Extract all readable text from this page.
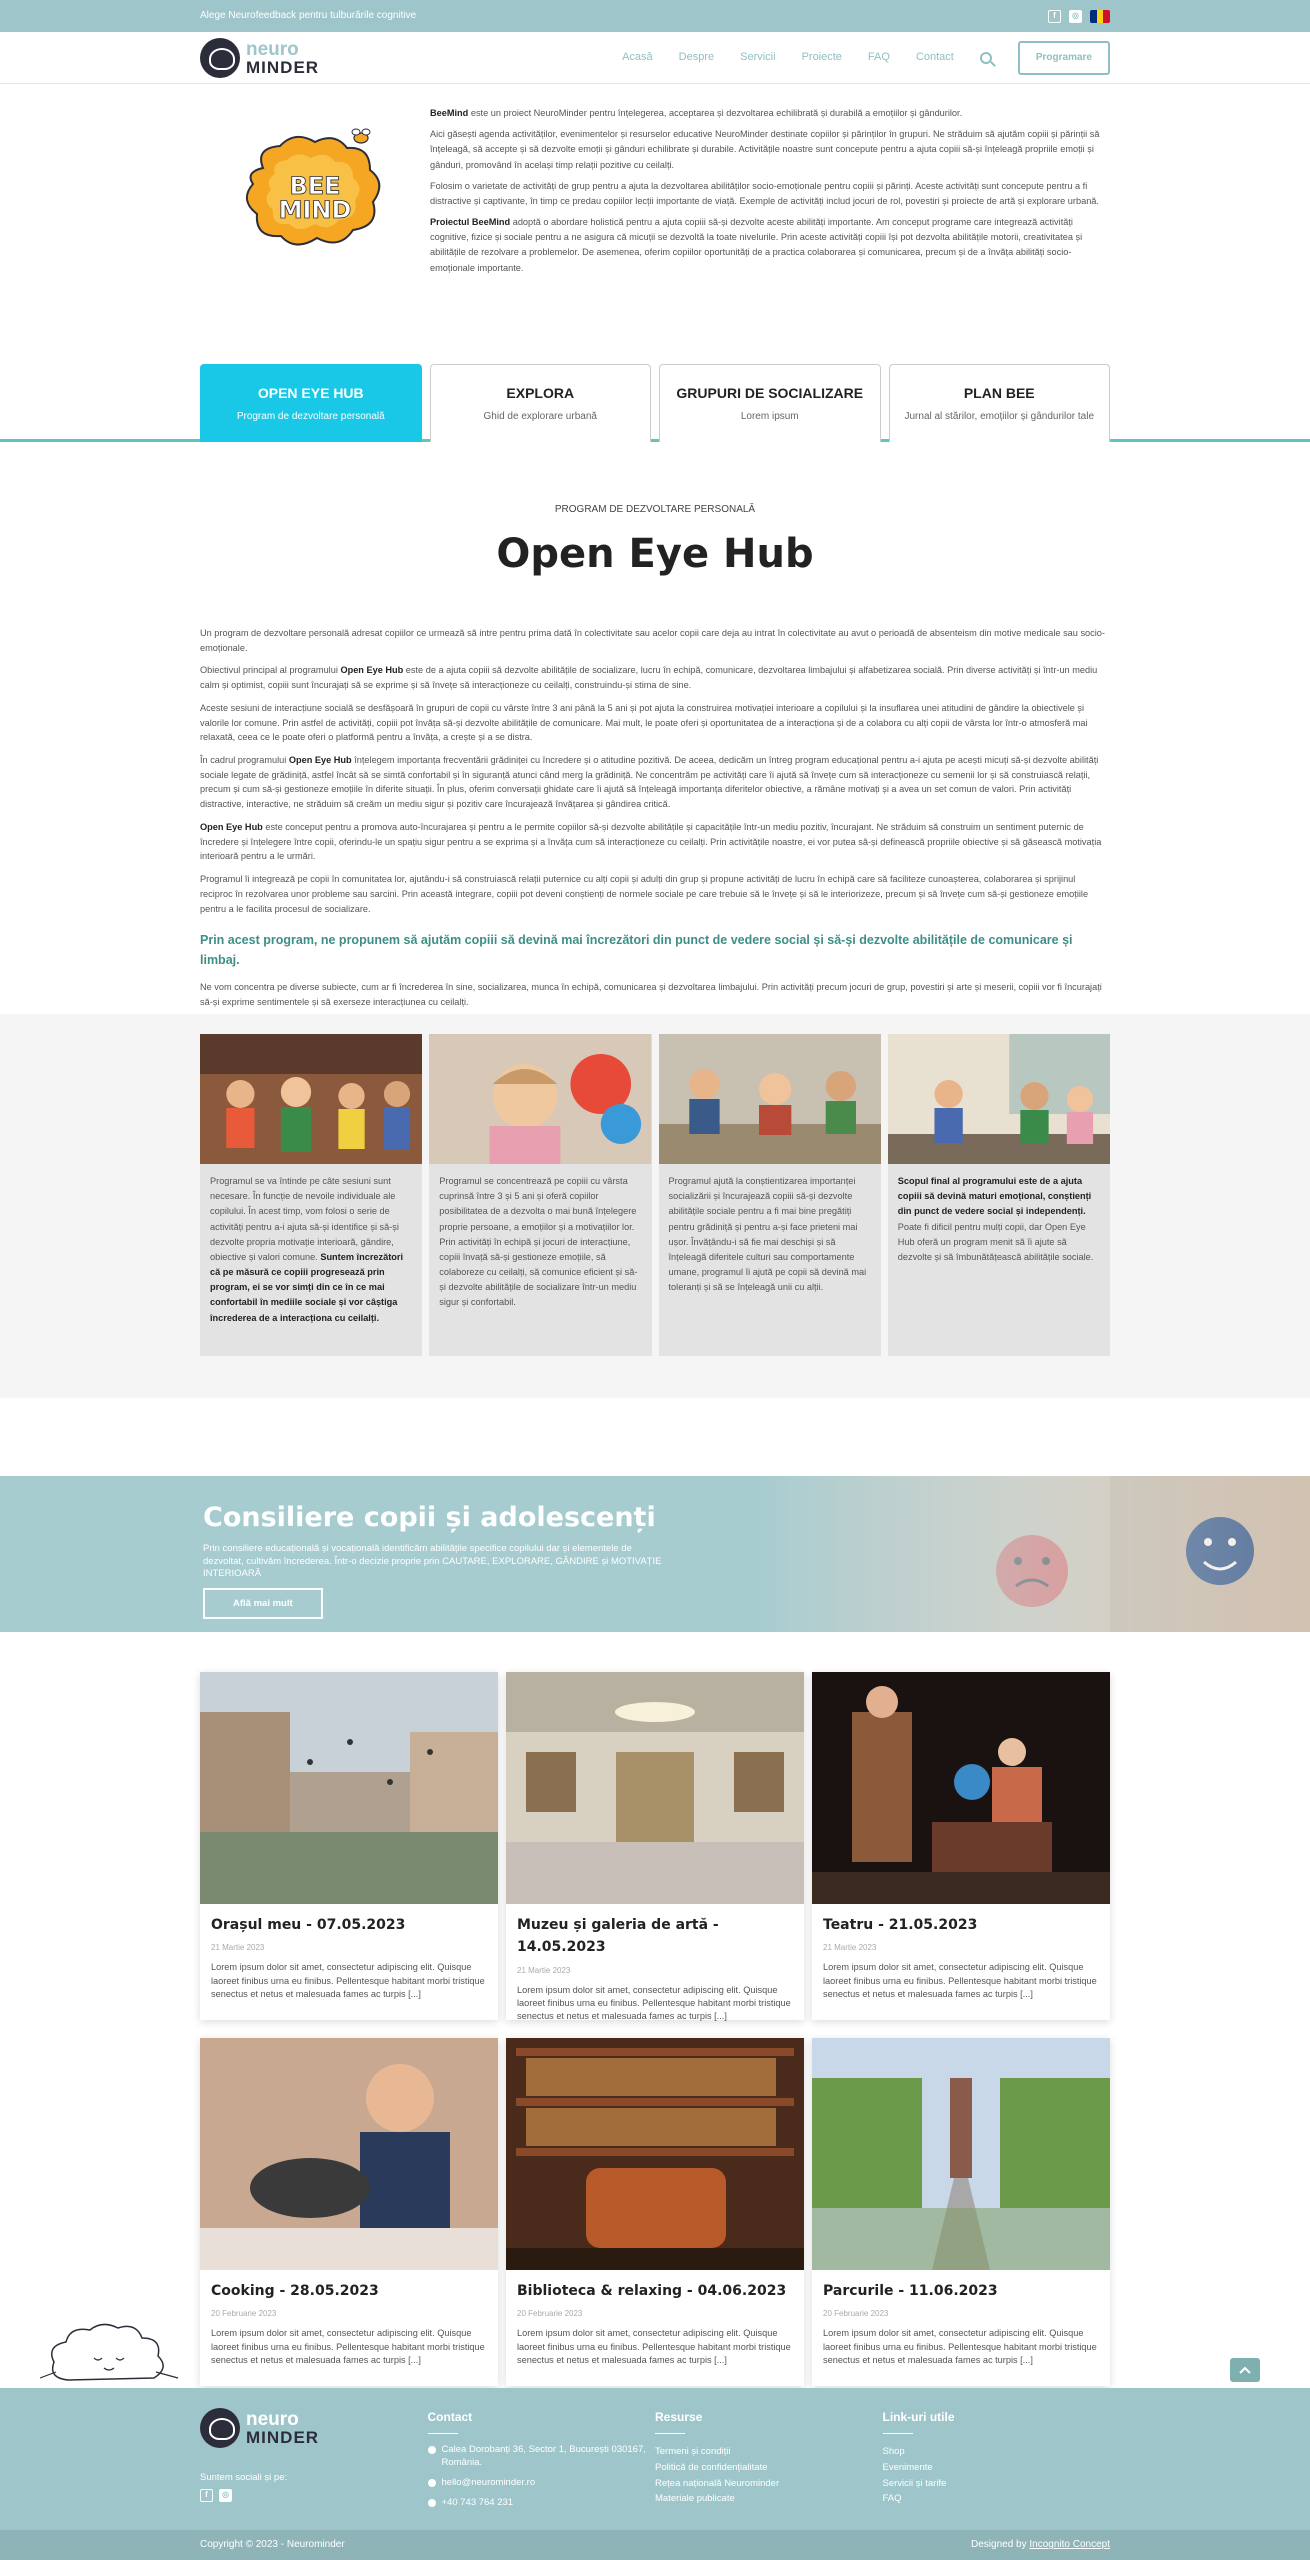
Alege Neurofeedback pentru tulburările cognitive	f	◎
neuro
MINDER
Acasă Despre Servicii Proiecte FAQ Contact	Programare
BEE
MIND

BeeMind este un proiect NeuroMinder pentru înțelegerea, acceptarea și dezvoltarea echilibrată și durabilă a emoțiilor și gândurilor.

Aici găsești agenda activităților, evenimentelor și resurselor educative NeuroMinder destinate copiilor și părinților în grupuri. Ne străduim să ajutăm copiii și părinții să înțeleagă, să accepte și să dezvolte emoții și gânduri echilibrate și durabile. Activitățile noastre sunt concepute pentru a ajuta copiii să-și înțeleagă propriile emoții și gânduri, promovând în același timp relații pozitive cu ceilalți.

Folosim o varietate de activități de grup pentru a ajuta la dezvoltarea abilităților socio-emoționale pentru copiii și părinți. Aceste activități sunt concepute pentru a fi distractive și captivante, în timp ce predau copiilor lecții importante de viață. Exemple de activități includ jocuri de rol, povestiri și proiecte de artă și explorare urbană.

Proiectul BeeMind adoptă o abordare holistică pentru a ajuta copiii să-și dezvolte aceste abilități importante. Am conceput programe care integrează activități cognitive, fizice și sociale pentru a ne asigura că micuții se dezvoltă la toate nivelurile. Prin aceste activități copiii își pot dezvolta abilitățile motorii, creativitatea și abilitățile de rezolvare a problemelor. De asemenea, oferim copiilor oportunități de a practica colaborarea și comunicarea, precum și de a învăța abilități socio-emoționale importante.

OPEN EYE HUB
Program de dezvoltare personală
EXPLORA
Ghid de explorare urbană
GRUPURI DE SOCIALIZARE
Lorem ipsum
PLAN BEE
Jurnal al stărilor, emoțiilor și gândurilor tale
PROGRAM DE DEZVOLTARE PERSONALĂ
Open Eye Hub

Un program de dezvoltare personală adresat copiilor ce urmează să intre pentru prima dată în colectivitate sau acelor copii care deja au intrat în colectivitate au avut o perioadă de absenteism din motive medicale sau socio-emoționale.

Obiectivul principal al programului Open Eye Hub este de a ajuta copiii să dezvolte abilitățile de socializare, lucru în echipă, comunicare, dezvoltarea limbajului și alfabetizarea socială. Prin diverse activități și într-un mediu calm și optimist, copiii sunt încurajați să se exprime și să învețe să interacționeze cu ceilalți, construindu-și stima de sine.

Aceste sesiuni de interacțiune socială se desfășoară în grupuri de copii cu vârste între 3 ani până la 5 ani și pot ajuta la construirea motivației interioare a copilului și la insuflarea unei atitudini de gândire la obiectivele și valorile lor comune. Prin astfel de activități, copiii pot învăța să-și dezvolte abilitățile de comunicare. Mai mult, le poate oferi și oportunitatea de a interacționa și de a colabora cu alți copii de vârsta lor într-o atmosferă mai relaxată, ceea ce le poate oferi o platformă pentru a învăța, a crește și a se distra.

În cadrul programului Open Eye Hub înțelegem importanța frecventării grădiniței cu încredere și o atitudine pozitivă. De aceea, dedicăm un întreg program educațional pentru a-i ajuta pe acești micuți să-și dezvolte abilități sociale legate de grădiniță, astfel încât să se simtă confortabil și în siguranță atunci când merg la grădiniță. Ne concentrăm pe activități care îi ajută să învețe cum să interacționeze cu semenii lor și să construiască relații, precum și cum să-și gestioneze emoțiile în diferite situații. În plus, oferim conversații ghidate care îi ajută să înțeleagă importanța diferitelor obiective, a rămâne motivați și a avea un set comun de valori. Prin activități distractive, interactive, ne străduim să creăm un mediu sigur și pozitiv care încurajează învățarea și gândirea critică.

Open Eye Hub este conceput pentru a promova auto-încurajarea și pentru a le permite copiilor să-și dezvolte abilitățile și capacitățile într-un mediu pozitiv, încurajant. Ne străduim să construim un sentiment puternic de încredere și înțelegere între copii, oferindu-le un spațiu sigur pentru a se exprima și a învăța cum să interacționeze cu ceilalți. Prin activitățile noastre, ei vor putea să-și definească propriile obiective și să găsească motivația interioară pentru a le urmări.

Programul îi integrează pe copii în comunitatea lor, ajutându-i să construiască relații puternice cu alți copii și adulți din grup și propune activități de lucru în echipă care să faciliteze cunoașterea, colaborarea și sprijinul reciproc în rezolvarea unor probleme sau sarcini. Prin această integrare, copiii pot deveni conștienți de normele sociale pe care trebuie să le învețe și să le interiorizeze, precum și să învețe cum să-și gestioneze emoțiile pentru a le facilita procesul de socializare.

Prin acest program, ne propunem să ajutăm copiii să devină mai încrezători din punct de vedere social și să-și dezvolte abilitățile de comunicare și limbaj.

Ne vom concentra pe diverse subiecte, cum ar fi încrederea în sine, socializarea, munca în echipă, comunicarea și dezvoltarea limbajului. Prin activități precum jocuri de grup, povestiri și arte și meserii, copiii vor fi încurajați să-și exprime sentimentele și să exerseze interacțiunea cu ceilalți.

Programul se va întinde pe câte sesiuni sunt necesare. În funcție de nevoile individuale ale copilului. În acest timp, vom folosi o serie de activități pentru a-i ajuta să-și identifice și să-și dezvolte propria motivație interioară, gândire, obiective și valori comune. Suntem încrezători că pe măsură ce copiii progresează prin program, ei se vor simți din ce în ce mai confortabil în mediile sociale și vor câștiga încrederea de a interacționa cu ceilalți.
Programul se concentrează pe copiii cu vârsta cuprinsă între 3 și 5 ani și oferă copiilor posibilitatea de a dezvolta o mai bună înțelegere proprie persoane, a emoțiilor și a motivațiilor lor. Prin activități în echipă și jocuri de interacțiune, copiii învață să-și gestioneze emoțiile, să colaboreze cu ceilalți, să comunice eficient și să-și dezvolte abilitățile de socializare într-un mediu sigur și confortabil.
Programul ajută la conștientizarea importanței socializării și încurajează copiii să-și dezvolte abilitățile sociale pentru a fi mai bine pregătiți pentru grădiniță și pentru a-și face prieteni mai ușor. Învățându-i să fie mai deschiși și să înțeleagă diferitele culturi sau comportamente umane, programul îi ajută pe copii să devină mai toleranți și să se înțeleagă unii cu alții.
Scopul final al programului este de a ajuta copiii să devină maturi emoțional, conștienți din punct de vedere social și independenți. Poate fi dificil pentru mulți copii, dar Open Eye Hub oferă un program menit să îi ajute să dezvolte și să îmbunătățească abilitățile sociale.
Consiliere copii și adolescenți
Prin consiliere educațională și vocațională identificăm abilitățile specifice copilului dar și elementele de dezvoltat, cultivăm încrederea. Într-o decizie proprie prin CAUTARE, EXPLORARE, GÂNDIRE și MOTIVAȚIE INTERIOARĂ
Află mai mult
Orașul meu - 07.05.2023
21 Martie 2023
Lorem ipsum dolor sit amet, consectetur adipiscing elit. Quisque laoreet finibus urna eu finibus. Pellentesque habitant morbi tristique senectus et netus et malesuada fames ac turpis [...]
Muzeu și galeria de artă - 14.05.2023
21 Martie 2023
Lorem ipsum dolor sit amet, consectetur adipiscing elit. Quisque laoreet finibus urna eu finibus. Pellentesque habitant morbi tristique senectus et netus et malesuada fames ac turpis [...]
Teatru - 21.05.2023
21 Martie 2023
Lorem ipsum dolor sit amet, consectetur adipiscing elit. Quisque laoreet finibus urna eu finibus. Pellentesque habitant morbi tristique senectus et netus et malesuada fames ac turpis [...]
Cooking - 28.05.2023
20 Februarie 2023
Lorem ipsum dolor sit amet, consectetur adipiscing elit. Quisque laoreet finibus urna eu finibus. Pellentesque habitant morbi tristique senectus et netus et malesuada fames ac turpis [...]
Biblioteca & relaxing - 04.06.2023
20 Februarie 2023
Lorem ipsum dolor sit amet, consectetur adipiscing elit. Quisque laoreet finibus urna eu finibus. Pellentesque habitant morbi tristique senectus et netus et malesuada fames ac turpis [...]
Parcurile - 11.06.2023
20 Februarie 2023
Lorem ipsum dolor sit amet, consectetur adipiscing elit. Quisque laoreet finibus urna eu finibus. Pellentesque habitant morbi tristique senectus et netus et malesuada fames ac turpis [...]
neuro
MINDER
Suntem sociali și pe:
f	◎
Contact
Calea Dorobanți 36, Sector 1, București 030167, România.
hello@neurominder.ro
+40 743 764 231
Resurse
Termeni și condiții
Politică de confidențialitate
Rețea națională Neurominder
Materiale publicate
Link-uri utile
Shop
Evenimente
Servicii și tarife
FAQ
Copyright © 2023 - Neurominder	Designed by Incognito Concept
